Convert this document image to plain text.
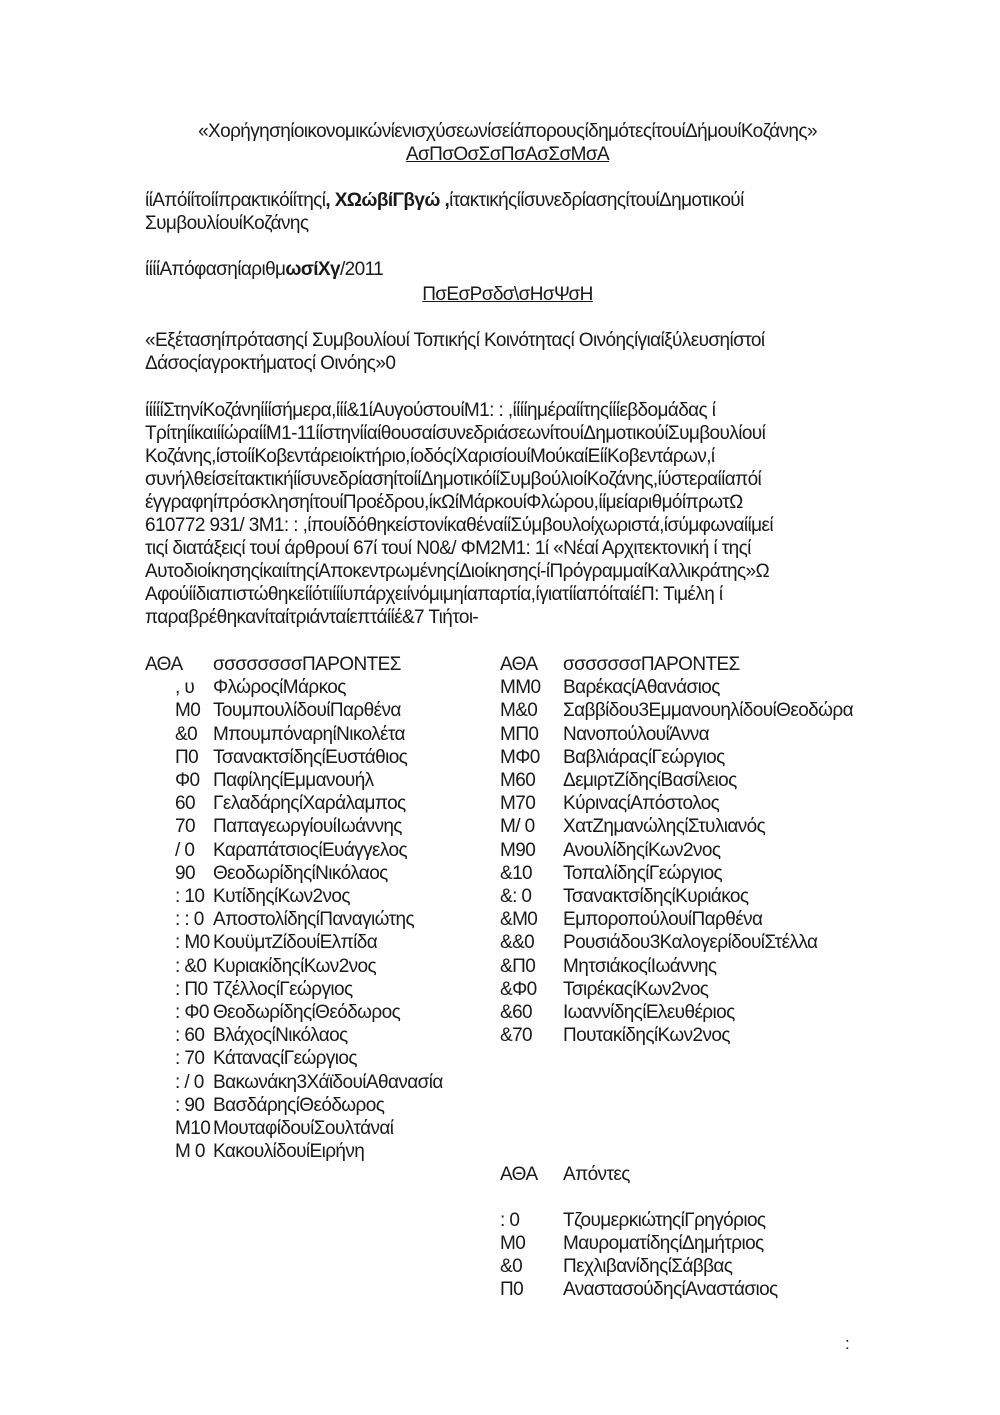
«ΧορήγησηίοικονομικώνίενισχύσεωνίσείάπορουςίδημότεςίτουίΔήμουίΚοζάνης»
ΑσΠσΟσΣσΠσΑσΣσΜσΑ
ίίΑπόίίτοίίπρακτικόίίτηςί, ΧΩώβίΓβγώ ,ίτακτικήςίίσυνεδρίασηςίτουίΔημοτικούί
ΣυμβουλίουίΚοζάνης
ίίίίΑπόφασηίαριθμωσίΧγ/2011
ΠσΕσΡσδσ\σΗσΨσΗ
«Εξέτασηίπρότασηςί Συμβουλίουί Τοπικήςί Κοινότηταςί Οινόηςίγιαίξύλευσηίστοί
Δάσοςίαγροκτήματοςί Οινόης»0
ίίίίίΣτηνίΚοζάνηίίίσήμερα,ίίί&1ίΑυγούστουίΜ1: : ,ίίίίημέραίίτηςίίίεβδομάδας ί
ΤρίτηίίκαιίίώραίίΜ1-11ίίστηνίίαίθουσαίσυνεδριάσεωνίτουίΔημοτικούίΣυμβουλίουί
Κοζάνης,ίστοίίΚοβεντάρειοίκτήριο,ίοδόςίΧαρισίουίΜούκαίΕίίΚοβεντάρων,ί
συνήλθείσείτακτικήίίσυνεδρίασηίτοίίΔημοτικόίίΣυμβούλιοίΚοζάνης,ίύστεραίίαπόί
έγγραφηίπρόσκλησηίτουίΠροέδρου,ίκΩίΜάρκουίΦλώρου,ίίμείαριθμόίπρωτΩ
610772 931/ 3Μ1: : ,ίπουίδόθηκείστονίκαθέναίίΣύμβουλοίχωριστά,ίσύμφωναίίμεί
τιςί διατάξειςί τουί άρθρουί 67ί τουί Ν0&/ ΦΜ2Μ1: 1ί «Νέαί Αρχιτεκτονική ί τηςί
ΑυτοδιοίκησηςίκαιίτηςίΑποκεντρωμένηςίΔιοίκησηςί-ίΠρόγραμμαίΚαλλικράτης»Ω
Αφούίίδιαπιστώθηκείίότιίίίυπάρχειίνόμιμηίαπαρτία,ίγιατίίαπόίταίέΠ: Τιμέλη ί
παραβρέθηκανίταίτριάνταίεπτάίίέ&7 Τιήτοι-
ΑΘΑ σσσσσσσσΠΑΡΟΝΤΕΣ
, υ ΦλώροςίΜάρκος
Μ0 ΤουμπουλίδουίΠαρθένα
&0 ΜπουμπόναρηίΝικολέτα
Π0 ΤσανακτσίδηςίΕυστάθιος
Φ0 ΠαφίληςίΕμμανουήλ
60 ΓελαδάρηςίΧαράλαμπος
70 ΠαπαγεωργίουίΙωάννης
/ 0 ΚαραπάτσιοςίΕυάγγελος
90 ΘεοδωρίδηςίΝικόλαος
: 10 ΚυτίδηςίΚων2νος
: : 0 ΑποστολίδηςίΠαναγιώτης
: Μ0 ΚουϋμτΖίδουίΕλπίδα
: &0 ΚυριακίδηςίΚων2νος
: Π0 ΤζέλλοςίΓεώργιος
: Φ0 ΘεοδωρίδηςίΘεόδωρος
: 60 ΒλάχοςίΝικόλαος
: 70 ΚάταναςίΓεώργιος
: / 0 Βακωνάκη3ΧάϊδουίΑθανασία
: 90 ΒασδάρηςίΘεόδωρος
Μ10 ΜουταφίδουίΣουλτάναί
Μ 0 ΚακουλίδουίΕιρήνη
ΑΘΑ σσσσσσσΠΑΡΟΝΤΕΣ
ΜΜ0 ΒαρέκαςίΑθανάσιος
Μ&0 Σαββίδου3ΕμμανουηλίδουίΘεοδώρα
ΜΠ0 ΝανοπούλουίΆννα
ΜΦ0 ΒαβλιάραςίΓεώργιος
Μ60 ΔεμιρτΖίδηςίΒασίλειος
Μ70 ΚύριναςίΑπόστολος
Μ/ 0 ΧατΖημανώληςίΣτυλιανός
Μ90 ΑνουλίδηςίΚων2νος
&10 ΤοπαλίδηςίΓεώργιος
&: 0 ΤσανακτσίδηςίΚυριάκος
&Μ0 ΕμποροπούλουίΠαρθένα
&&0 Ρουσιάδου3ΚαλογερίδουίΣτέλλα
&Π0 ΜητσιάκοςίΙωάννης
&Φ0 ΤσιρέκαςίΚων2νος
&60 ΙωαννίδηςίΕλευθέριος
&70 ΠουτακίδηςίΚων2νος
ΑΘΑ Απόντες
: 0 ΤζουμερκιώτηςίΓρηγόριος
Μ0 ΜαυροματίδηςίΔημήτριος
&0 ΠεχλιβανίδηςίΣάββας
Π0 ΑναστασούδηςίΑναστάσιος
:
